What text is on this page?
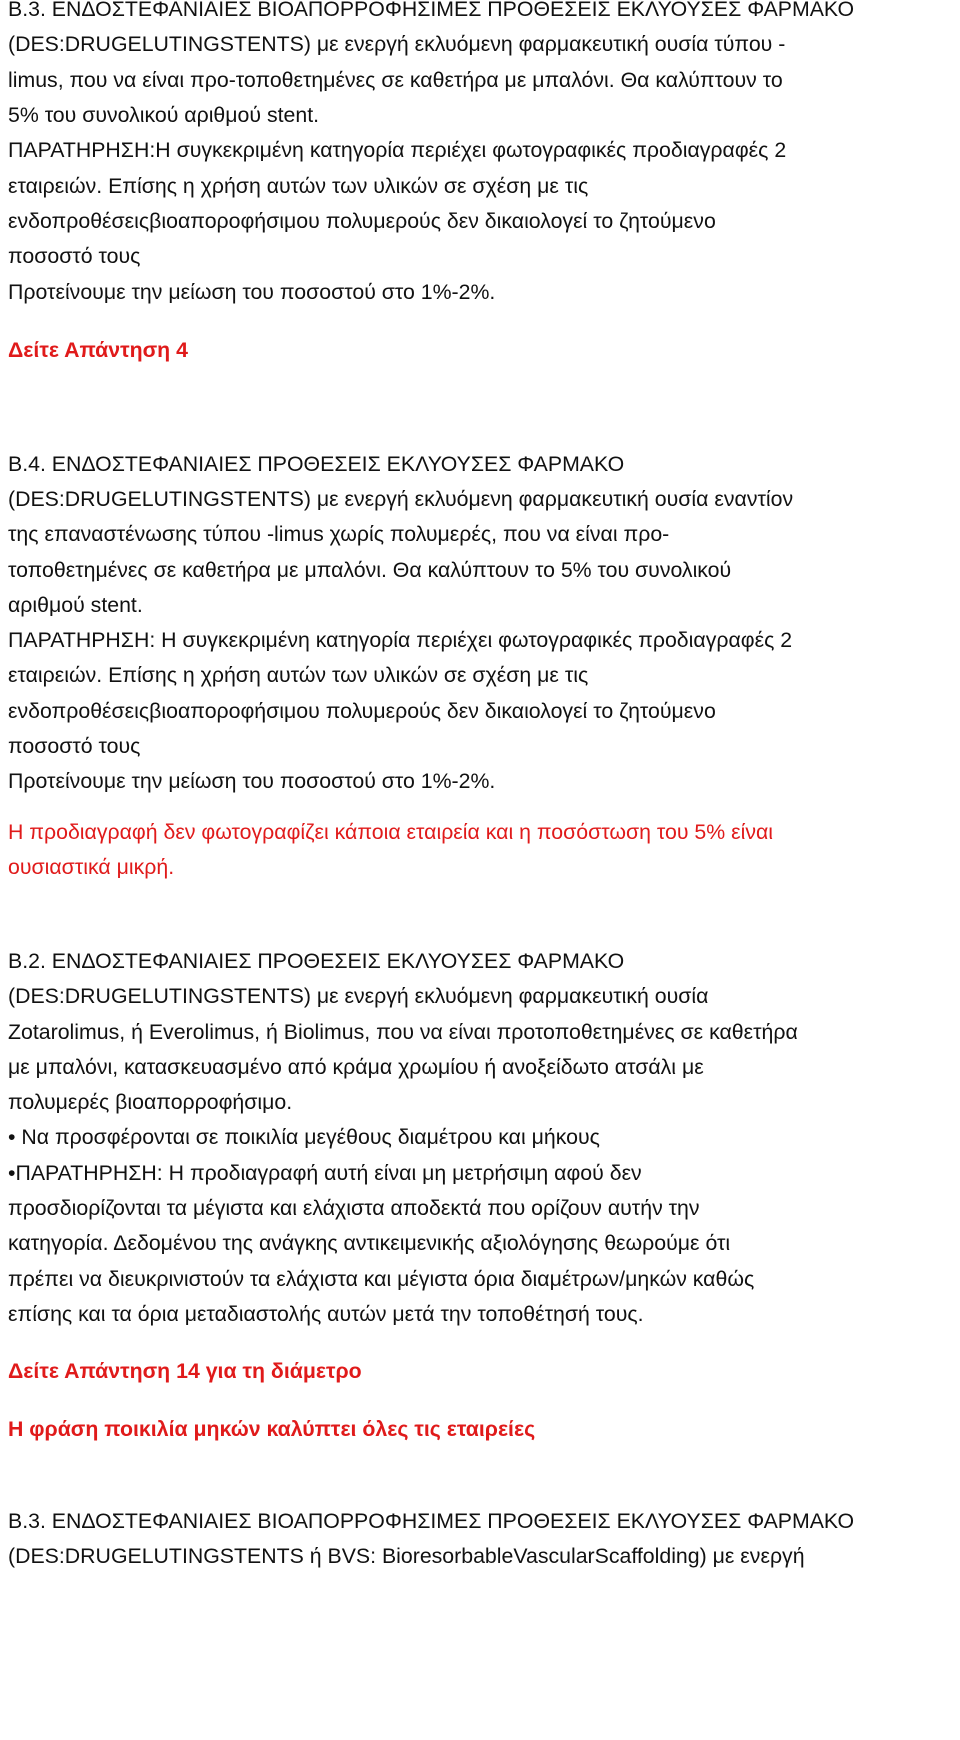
Β.3. ΕΝΔΟΣΤΕΦΑΝΙΑΙΕΣ ΒΙΟΑΠΟΡΡΟΦΗΣΙΜΕΣ ΠΡΟΘΕΣΕΙΣ ΕΚΛΥΟΥΣΕΣ ΦΑΡΜΑΚΟ
(DES:DRUGELUTINGSTENTS) με ενεργή εκλυόμενη φαρμακευτική ουσία τύπου -
limus, που να είναι προ-τοποθετημένες σε καθετήρα με μπαλόνι. Θα καλύπτουν το
5% του συνολικού αριθμού stent.
ΠΑΡΑΤΗΡΗΣΗ:Η συγκεκριμένη κατηγορία περιέχει φωτογραφικές προδιαγραφές 2
εταιρειών. Επίσης η χρήση αυτών των υλικών σε σχέση με τις
ενδοπροθέσειςβιοαπορoφήσιμου πολυμερούς δεν δικαιολογεί το ζητούμενο
ποσοστό τους
Προτείνουμε την μείωση του ποσοστού στο 1%-2%.
Δείτε Απάντηση 4
Β.4. ΕΝΔΟΣΤΕΦΑΝΙΑΙΕΣ ΠΡΟΘΕΣΕΙΣ ΕΚΛΥΟΥΣΕΣ ΦΑΡΜΑΚΟ
(DES:DRUGELUTINGSTENTS) με ενεργή εκλυόμενη φαρμακευτική ουσία εναντίον
της επαναστένωσης τύπου -limus χωρίς πολυμερές, που να είναι προ-
τοποθετημένες σε καθετήρα με μπαλόνι. Θα καλύπτουν το 5% του συνολικού
αριθμού stent.
ΠΑΡΑΤΗΡΗΣΗ: Η συγκεκριμένη κατηγορία περιέχει φωτογραφικές προδιαγραφές 2
εταιρειών. Επίσης η χρήση αυτών των υλικών σε σχέση με τις
ενδοπροθέσειςβιοαπορoφήσιμου πολυμερούς δεν δικαιολογεί το ζητούμενο
ποσοστό τους
Προτείνουμε την μείωση του ποσοστού στο 1%-2%.
Η προδιαγραφή δεν φωτογραφίζει κάποια εταιρεία και η ποσόστωση του 5% είναι
ουσιαστικά μικρή.
Β.2. ΕΝΔΟΣΤΕΦΑΝΙΑΙΕΣ ΠΡΟΘΕΣΕΙΣ ΕΚΛΥΟΥΣΕΣ ΦΑΡΜΑΚΟ
(DES:DRUGELUTINGSTENTS) με ενεργή εκλυόμενη φαρμακευτική ουσία
Zotarolimus, ή Everolimus, ή Biolimus, που να είναι προτοποθετημένες σε καθετήρα
με μπαλόνι, κατασκευασμένο από κράμα χρωμίου ή ανοξείδωτο ατσάλι με
πολυμερές βιοαπορροφήσιμο.
• Να προσφέρονται σε ποικιλία μεγέθους διαμέτρου και μήκους
•ΠΑΡΑΤΗΡΗΣΗ: Η προδιαγραφή αυτή είναι μη μετρήσιμη αφού δεν
προσδιορίζονται τα μέγιστα και ελάχιστα αποδεκτά που ορίζουν αυτήν την
κατηγορία. Δεδομένου της ανάγκης αντικειμενικής αξιολόγησης θεωρούμε ότι
πρέπει να διευκρινιστούν τα ελάχιστα και μέγιστα όρια διαμέτρων/μηκών καθώς
επίσης και τα όρια μεταδιαστολής αυτών μετά την τοποθέτησή τους.
Δείτε Απάντηση 14 για τη διάμετρο
Η φράση ποικιλία μηκών καλύπτει όλες τις εταιρείες
Β.3. ΕΝΔΟΣΤΕΦΑΝΙΑΙΕΣ ΒΙΟΑΠΟΡΡΟΦΗΣΙΜΕΣ ΠΡΟΘΕΣΕΙΣ ΕΚΛΥΟΥΣΕΣ ΦΑΡΜΑΚΟ
(DES:DRUGELUTINGSTENTS ή BVS: BioresorbableVascularScaffolding) με ενεργή
